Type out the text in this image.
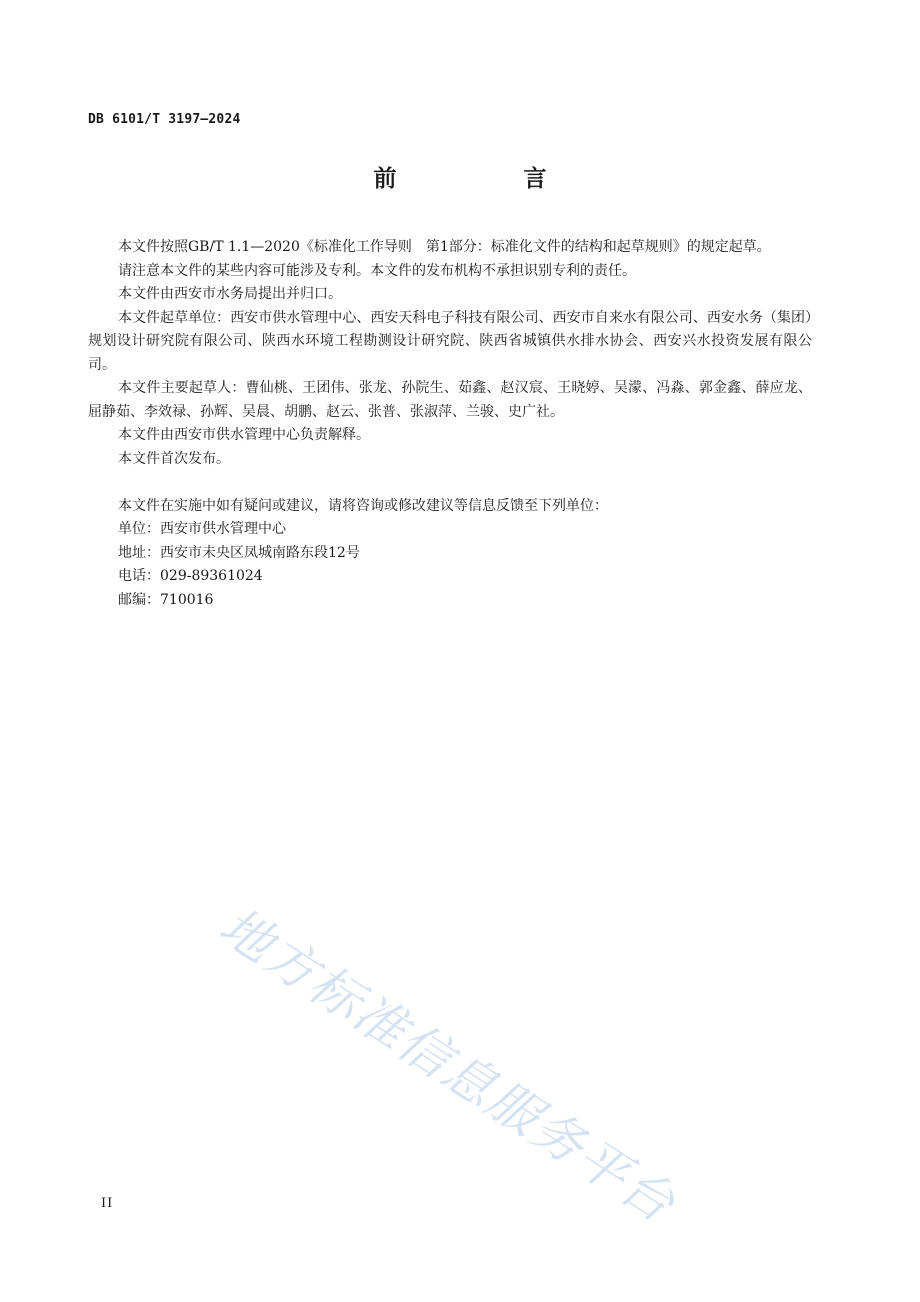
DB 6101/T 3197—2024
前　言

本文件按照GB/T 1.1—2020《标准化工作导则　第1部分：标准化文件的结构和起草规则》的规定起草。

请注意本文件的某些内容可能涉及专利。本文件的发布机构不承担识别专利的责任。

本文件由西安市水务局提出并归口。

本文件起草单位：西安市供水管理中心、西安天科电子科技有限公司、西安市自来水有限公司、西安水务（集团）规划设计研究院有限公司、陕西水环境工程勘测设计研究院、陕西省城镇供水排水协会、西安兴水投资发展有限公司。

本文件主要起草人：曹仙桃、王团伟、张龙、孙院生、茹鑫、赵汉宸、王晓婷、吴濛、冯淼、郭金鑫、薛应龙、屈静茹、李效禄、孙辉、吴晨、胡鹏、赵云、张普、张淑萍、兰骏、史广社。

本文件由西安市供水管理中心负责解释。

本文件首次发布。

本文件在实施中如有疑问或建议，请将咨询或修改建议等信息反馈至下列单位：

单位：西安市供水管理中心

地址：西安市未央区凤城南路东段12号

电话：029-89361024

邮编：710016

地方标准信息服务平台
II
